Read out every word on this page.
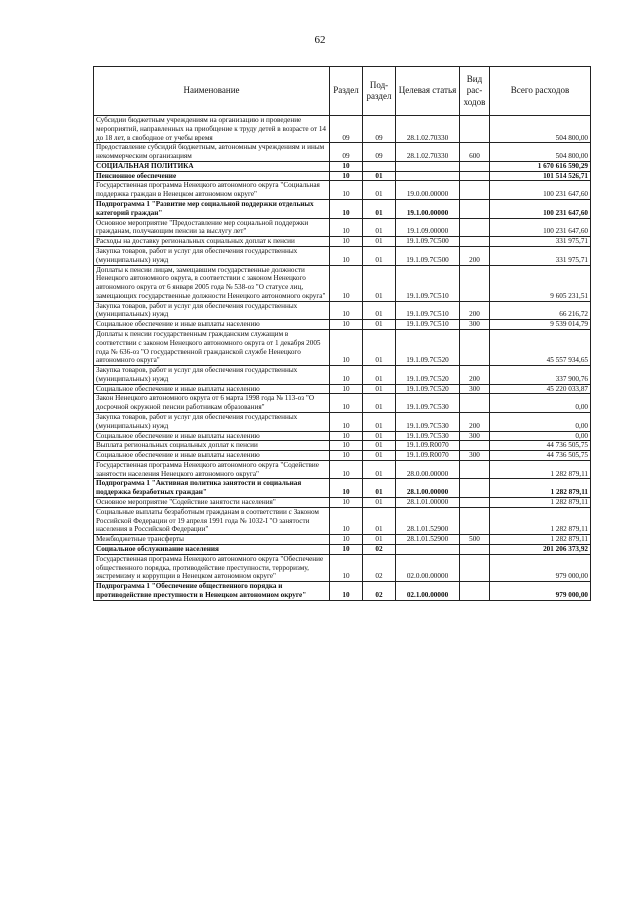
62
Наименование	Раздел	Под-раздел	Целевая статья	Вид рас-ходов	Всего расходов
Субсидии бюджетным учреждениям на организацию и проведение мероприятий, направленных на приобщение к труду детей в возрасте от 14 до 18 лет, в свободное от учебы время	09	09	28.1.02.70330		504 800,00
Предоставление субсидий бюджетным, автономным учреждениям и иным некоммерческим организациям	09	09	28.1.02.70330	600	504 800,00
СОЦИАЛЬНАЯ ПОЛИТИКА	10				1 670 616 590,29
Пенсионное обеспечение	10	01			101 514 526,71
Государственная программа Ненецкого автономного округа "Социальная поддержка граждан в Ненецком автономном округе"	10	01	19.0.00.00000		100 231 647,60
Подпрограмма 1 "Развитие мер социальной поддержки отдельных категорий граждан"	10	01	19.1.00.00000		100 231 647,60
Основное мероприятие "Предоставление мер социальной поддержки гражданам, получающим пенсии за выслугу лет"	10	01	19.1.09.00000		100 231 647,60
Расходы на доставку региональных социальных доплат к пенсии	10	01	19.1.09.7С500		331 975,71
Закупка товаров, работ и услуг для обеспечения государственных (муниципальных) нужд	10	01	19.1.09.7С500	200	331 975,71
Доплаты к пенсии лицам, замещавшим государственные должности Ненецкого автономного округа, в соответствии с законом Ненецкого автономного округа от 6 января 2005 года № 538-оз "О статусе лиц, замещающих государственные должности Ненецкого автономного округа"	10	01	19.1.09.7С510		9 605 231,51
Закупка товаров, работ и услуг для обеспечения государственных (муниципальных) нужд	10	01	19.1.09.7С510	200	66 216,72
Социальное обеспечение и иные выплаты населению	10	01	19.1.09.7С510	300	9 539 014,79
Доплаты к пенсии государственным гражданским служащим в соответствии с законом Ненецкого автономного округа от 1 декабря 2005 года № 636-оз "О государственной гражданской службе Ненецкого автономного округа"	10	01	19.1.09.7С520		45 557 934,65
Закупка товаров, работ и услуг для обеспечения государственных (муниципальных) нужд	10	01	19.1.09.7С520	200	337 900,76
Социальное обеспечение и иные выплаты населению	10	01	19.1.09.7С520	300	45 220 033,87
Закон Ненецкого автономного округа от 6 марта 1998 года № 113-оз "О досрочной окружной пенсии работникам образования"	10	01	19.1.09.7С530		0,00
Закупка товаров, работ и услуг для обеспечения государственных (муниципальных) нужд	10	01	19.1.09.7С530	200	0,00
Социальное обеспечение и иные выплаты населению	10	01	19.1.09.7С530	300	0,00
Выплата региональных социальных доплат к пенсии	10	01	19.1.09.R0070		44 736 505,75
Социальное обеспечение и иные выплаты населению	10	01	19.1.09.R0070	300	44 736 505,75
Государственная программа Ненецкого автономного округа "Содействие занятости населения Ненецкого автономного округа"	10	01	28.0.00.00000		1 282 879,11
Подпрограмма 1 "Активная политика занятости и социальная поддержка безработных граждан"	10	01	28.1.00.00000		1 282 879,11
Основное мероприятие "Содействие занятости населения"	10	01	28.1.01.00000		1 282 879,11
Социальные выплаты безработным гражданам в соответствии с Законом Российской Федерации от 19 апреля 1991 года № 1032-I "О занятости населения в Российской Федерации"	10	01	28.1.01.52900		1 282 879,11
Межбюджетные трансферты	10	01	28.1.01.52900	500	1 282 879,11
Социальное обслуживание населения	10	02			201 206 373,92
Государственная программа Ненецкого автономного округа "Обеспечение общественного порядка, противодействие преступности, терроризму, экстремизму и коррупции в Ненецком автономном округе"	10	02	02.0.00.00000		979 000,00
Подпрограмма 1 "Обеспечение общественного порядка и противодействие преступности в Ненецком автономном округе"	10	02	02.1.00.00000		979 000,00
